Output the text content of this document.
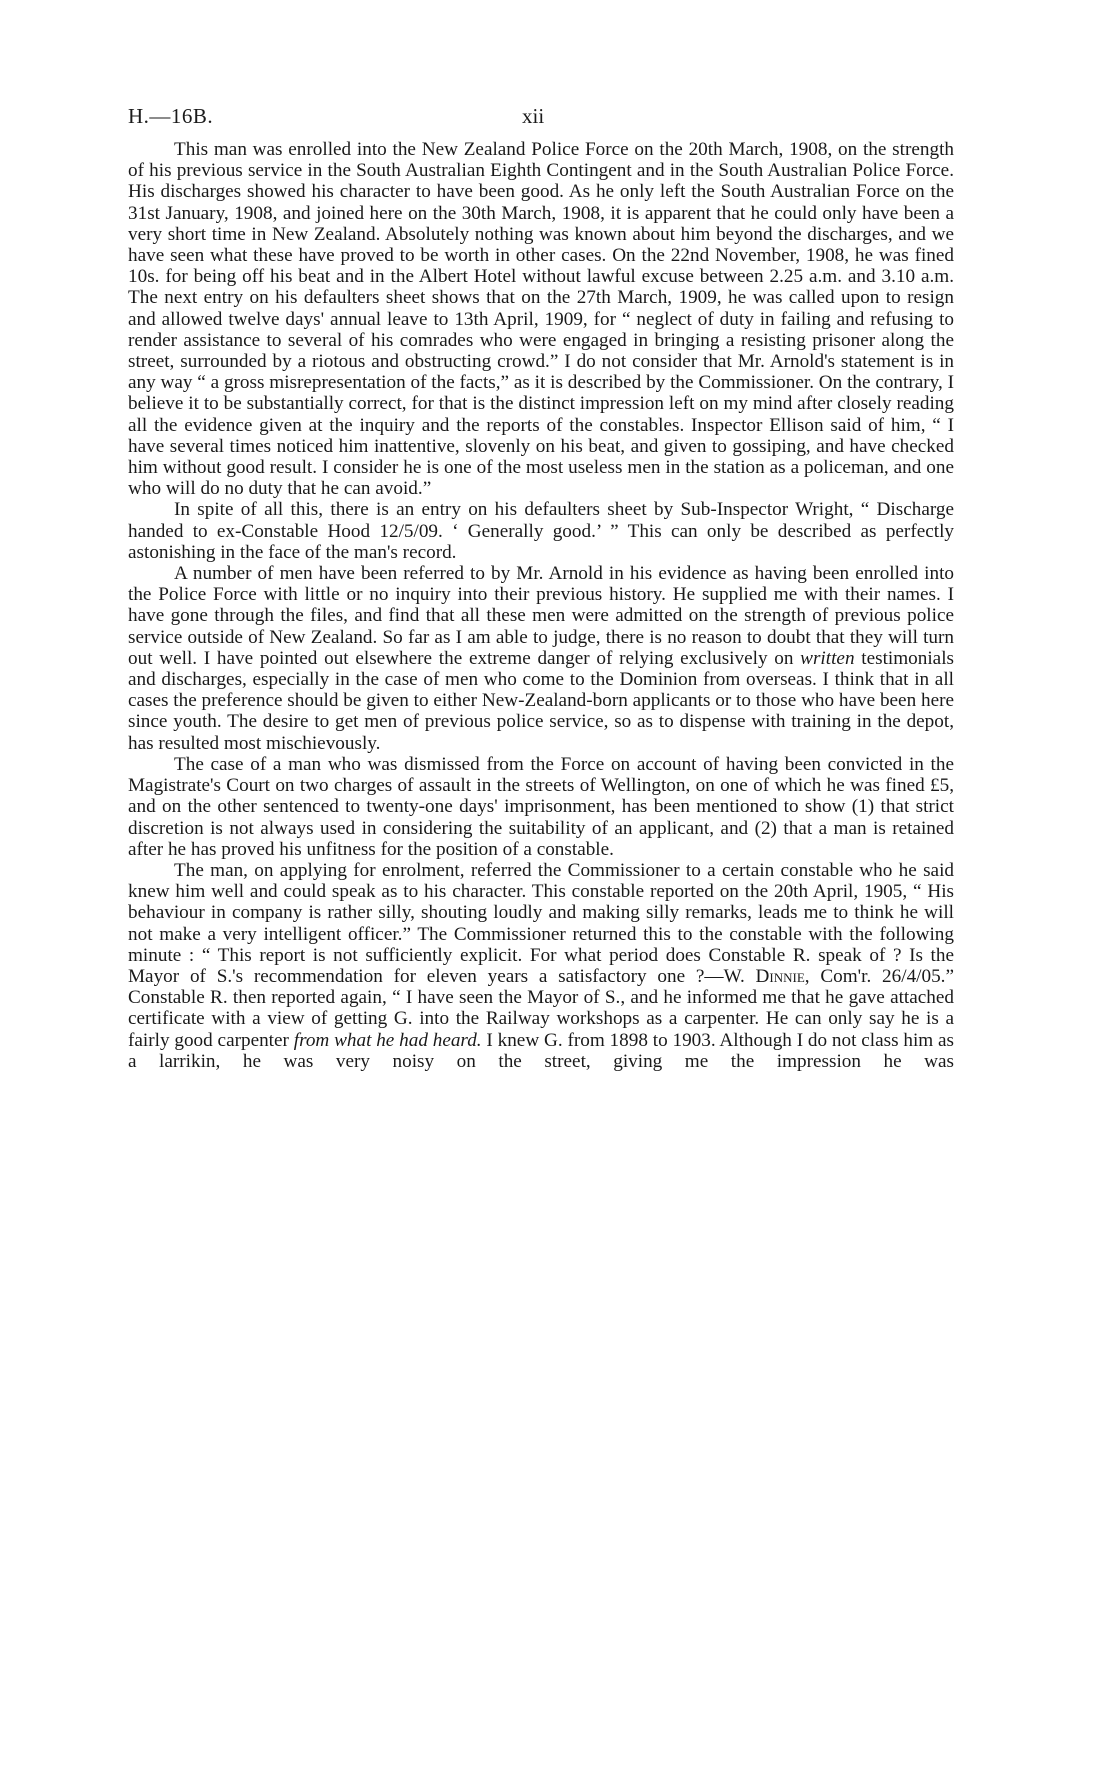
H.—16B.	xii

This man was enrolled into the New Zealand Police Force on the 20th March, 1908, on the strength of his previous service in the South Australian Eighth Contingent and in the South Australian Police Force. His discharges showed his character to have been good. As he only left the South Australian Force on the 31st January, 1908, and joined here on the 30th March, 1908, it is apparent that he could only have been a very short time in New Zealand. Absolutely nothing was known about him beyond the discharges, and we have seen what these have proved to be worth in other cases. On the 22nd November, 1908, he was fined 10s. for being off his beat and in the Albert Hotel without lawful excuse between 2.25 a.m. and 3.10 a.m. The next entry on his defaulters sheet shows that on the 27th March, 1909, he was called upon to resign and allowed twelve days' annual leave to 13th April, 1909, for “ neglect of duty in failing and refusing to render assistance to several of his comrades who were engaged in bringing a resisting prisoner along the street, surrounded by a riotous and obstructing crowd.” I do not consider that Mr. Arnold's statement is in any way “ a gross misrepresentation of the facts,” as it is described by the Commissioner. On the contrary, I believe it to be substantially correct, for that is the distinct impression left on my mind after closely reading all the evidence given at the inquiry and the reports of the constables. Inspector Ellison said of him, “ I have several times noticed him inattentive, slovenly on his beat, and given to gossiping, and have checked him without good result. I consider he is one of the most useless men in the station as a policeman, and one who will do no duty that he can avoid.”

In spite of all this, there is an entry on his defaulters sheet by Sub-Inspector Wright, “ Discharge handed to ex-Constable Hood 12/5/09. ‘ Generally good.’ ” This can only be described as perfectly astonishing in the face of the man's record.

A number of men have been referred to by Mr. Arnold in his evidence as having been enrolled into the Police Force with little or no inquiry into their previous history. He supplied me with their names. I have gone through the files, and find that all these men were admitted on the strength of previous police service outside of New Zealand. So far as I am able to judge, there is no reason to doubt that they will turn out well. I have pointed out elsewhere the extreme danger of relying exclusively on written testimonials and discharges, especially in the case of men who come to the Dominion from overseas. I think that in all cases the preference should be given to either New-Zealand-born applicants or to those who have been here since youth. The desire to get men of previous police service, so as to dispense with training in the depot, has resulted most mischievously.

The case of a man who was dismissed from the Force on account of having been convicted in the Magistrate's Court on two charges of assault in the streets of Wellington, on one of which he was fined £5, and on the other sentenced to twenty-one days' imprisonment, has been mentioned to show (1) that strict discretion is not always used in considering the suitability of an applicant, and (2) that a man is retained after he has proved his unfitness for the position of a constable.

The man, on applying for enrolment, referred the Commissioner to a certain constable who he said knew him well and could speak as to his character. This constable reported on the 20th April, 1905, “ His behaviour in company is rather silly, shouting loudly and making silly remarks, leads me to think he will not make a very intelligent officer.” The Commissioner returned this to the constable with the following minute : “ This report is not sufficiently explicit. For what period does Constable R. speak of ? Is the Mayor of S.'s recommendation for eleven years a satisfactory one ?—W. Dinnie, Com'r. 26/4/05.” Constable R. then reported again, “ I have seen the Mayor of S., and he informed me that he gave attached certificate with a view of getting G. into the Railway workshops as a carpenter. He can only say he is a fairly good carpenter from what he had heard. I knew G. from 1898 to 1903. Although I do not class him as a larrikin, he was very noisy on the street, giving me the impression he was
